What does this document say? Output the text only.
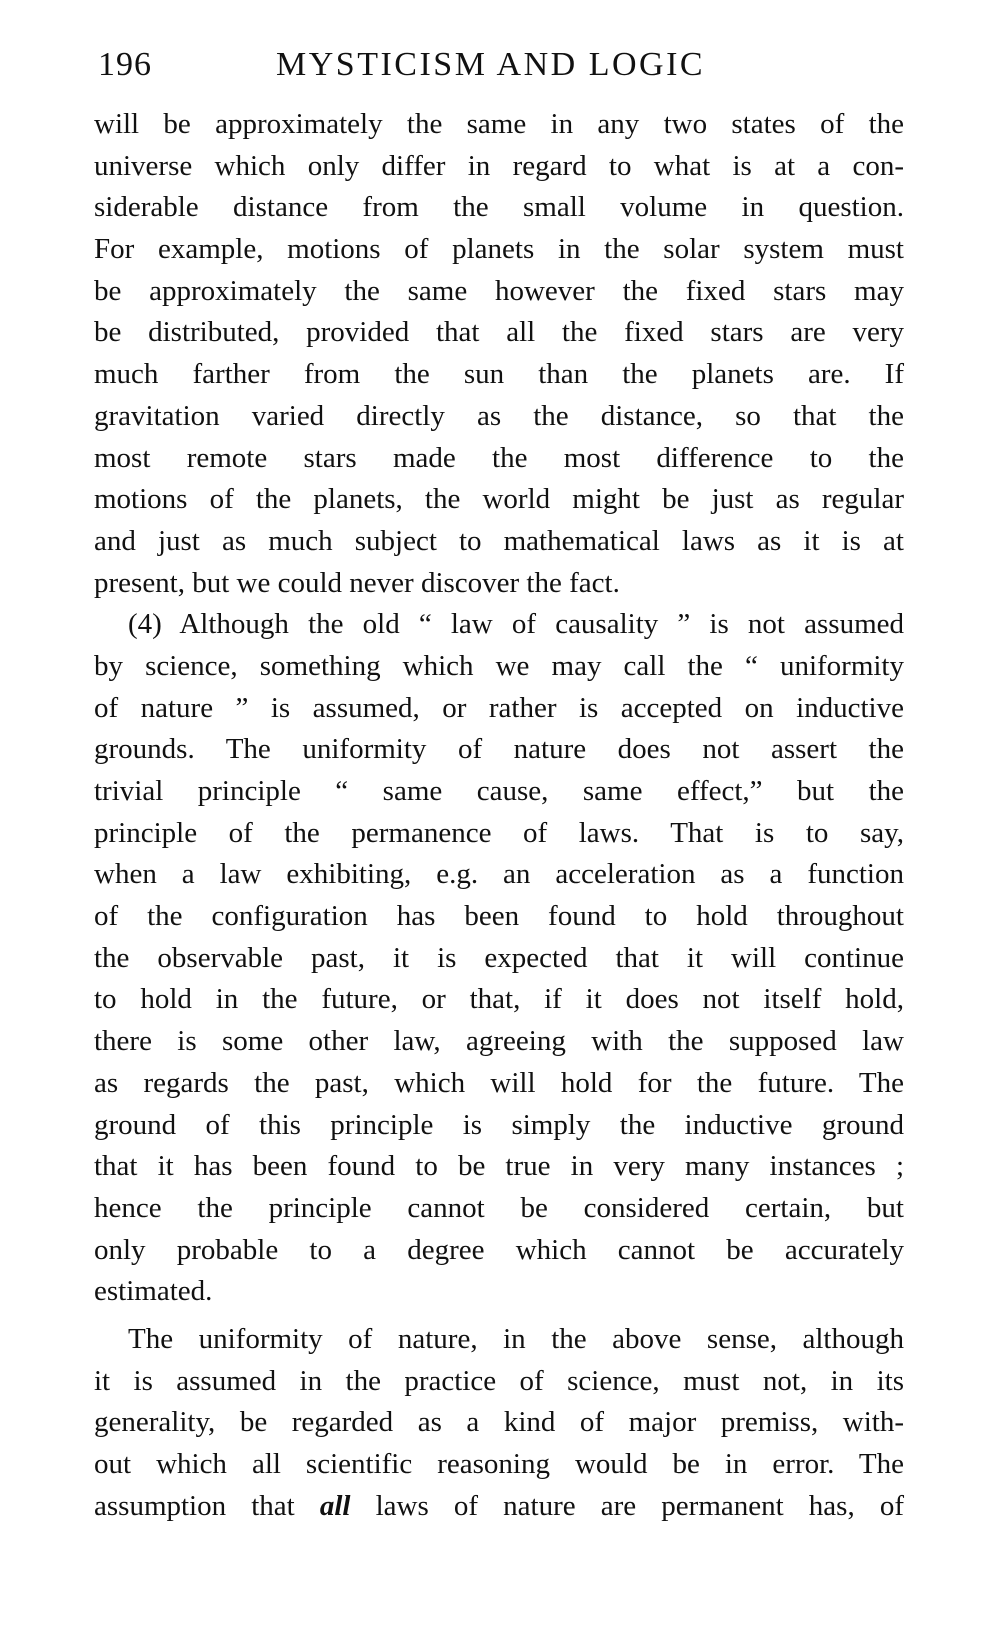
196	MYSTICISM AND LOGIC
will be approximately the same in any two states of the
universe which only differ in regard to what is at a con-
siderable distance from the small volume in question.
For example, motions of planets in the solar system must
be approximately the same however the fixed stars may
be distributed, provided that all the fixed stars are very
much farther from the sun than the planets are. If
gravitation varied directly as the distance, so that the
most remote stars made the most difference to the
motions of the planets, the world might be just as regular
and just as much subject to mathematical laws as it is at
present, but we could never discover the fact.
(4) Although the old “ law of causality ” is not assumed
by science, something which we may call the “ uniformity
of nature ” is assumed, or rather is accepted on inductive
grounds. The uniformity of nature does not assert the
trivial principle “ same cause, same effect,” but the
principle of the permanence of laws. That is to say,
when a law exhibiting, e.g. an acceleration as a function
of the configuration has been found to hold throughout
the observable past, it is expected that it will continue
to hold in the future, or that, if it does not itself hold,
there is some other law, agreeing with the supposed law
as regards the past, which will hold for the future. The
ground of this principle is simply the inductive ground
that it has been found to be true in very many instances ;
hence the principle cannot be considered certain, but
only probable to a degree which cannot be accurately
estimated.
The uniformity of nature, in the above sense, although
it is assumed in the practice of science, must not, in its
generality, be regarded as a kind of major premiss, with-
out which all scientific reasoning would be in error. The
assumption that all laws of nature are permanent has, of
